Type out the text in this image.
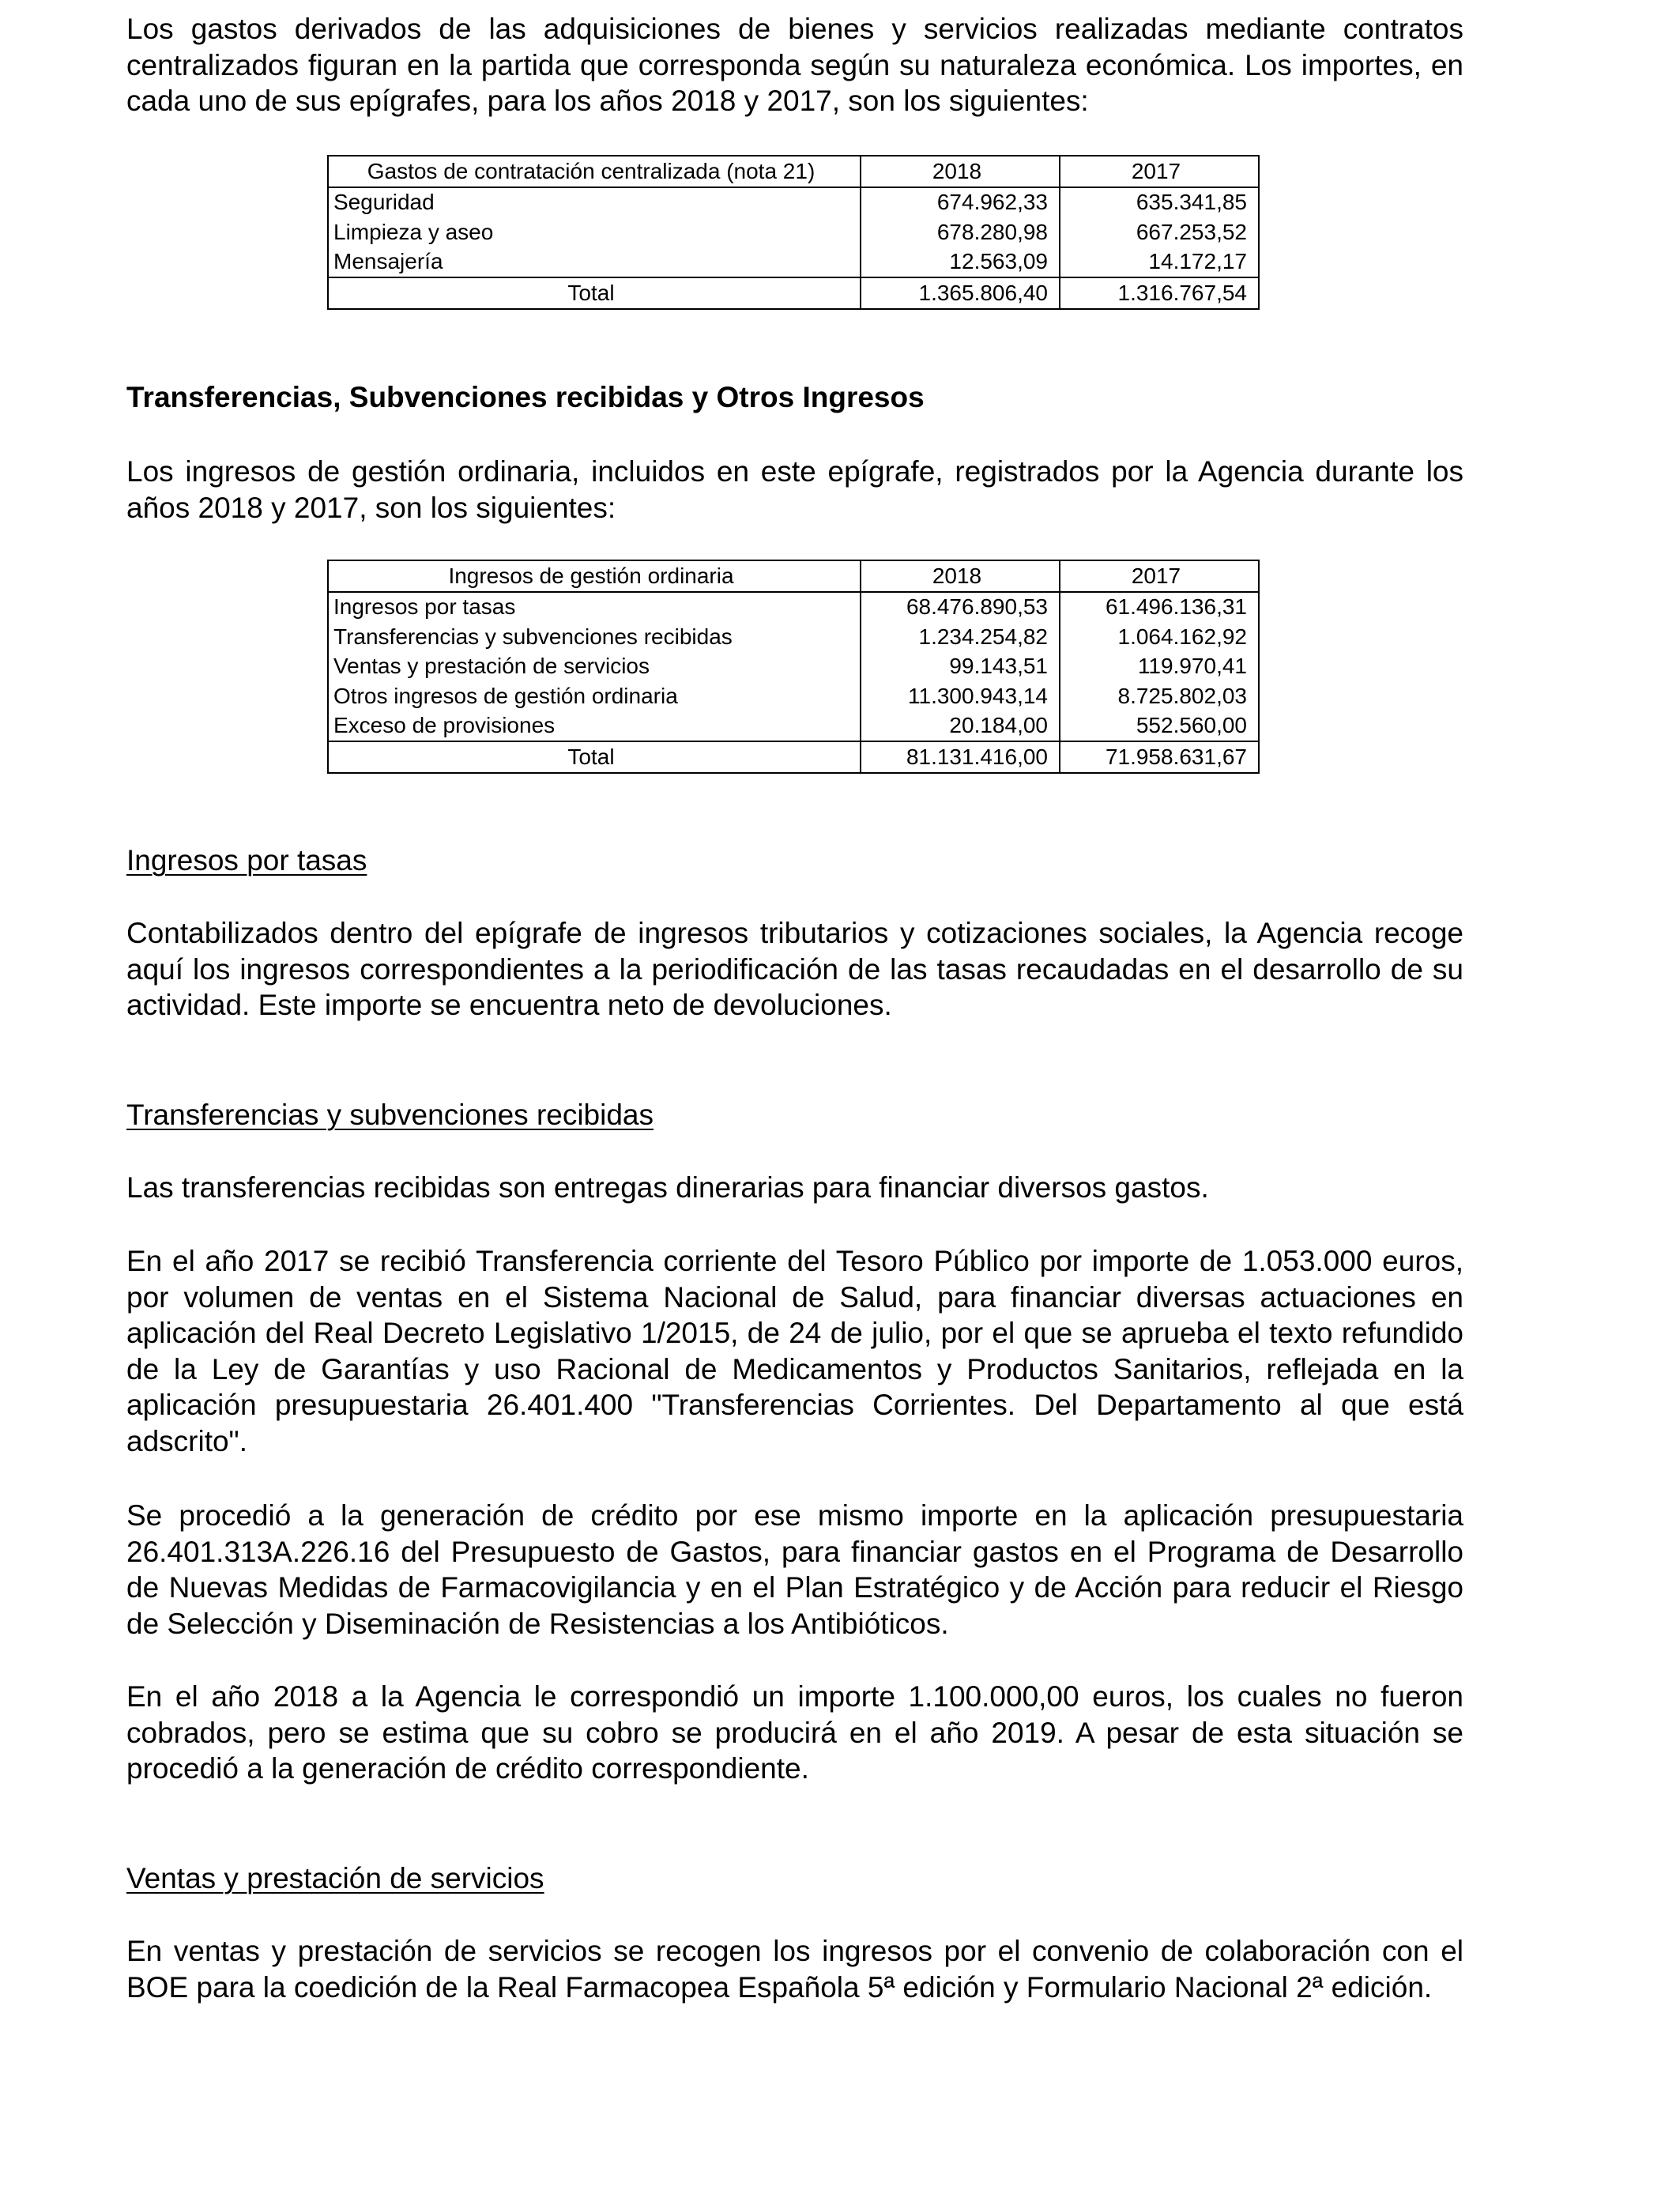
Los gastos derivados de las adquisiciones de bienes y servicios realizadas mediante contratos centralizados figuran en la partida que corresponda según su naturaleza económica. Los importes, en cada uno de sus epígrafes, para los años 2018 y 2017, son los siguientes:

Gastos de contratación centralizada (nota 21)	2018	2017
Seguridad	674.962,33	635.341,85
Limpieza y aseo	678.280,98	667.253,52
Mensajería	12.563,09	14.172,17
Total	1.365.806,40	1.316.767,54

Transferencias, Subvenciones recibidas y Otros Ingresos

Los ingresos de gestión ordinaria, incluidos en este epígrafe, registrados por la Agencia durante los años 2018 y 2017, son los siguientes:

Ingresos de gestión ordinaria	2018	2017
Ingresos por tasas	68.476.890,53	61.496.136,31
Transferencias y subvenciones recibidas	1.234.254,82	1.064.162,92
Ventas y prestación de servicios	99.143,51	119.970,41
Otros ingresos de gestión ordinaria	11.300.943,14	8.725.802,03
Exceso de provisiones	20.184,00	552.560,00
Total	81.131.416,00	71.958.631,67

Ingresos por tasas

Contabilizados dentro del epígrafe de ingresos tributarios y cotizaciones sociales, la Agencia recoge aquí los ingresos correspondientes a la periodificación de las tasas recaudadas en el desarrollo de su actividad. Este importe se encuentra neto de devoluciones.

Transferencias y subvenciones recibidas

Las transferencias recibidas son entregas dinerarias para financiar diversos gastos.

En el año 2017 se recibió Transferencia corriente del Tesoro Público por importe de 1.053.000 euros, por volumen de ventas en el Sistema Nacional de Salud, para financiar diversas actuaciones en aplicación del Real Decreto Legislativo 1/2015, de 24 de julio, por el que se aprueba el texto refundido de la Ley de Garantías y uso Racional de Medicamentos y Productos Sanitarios, reflejada en la aplicación presupuestaria 26.401.400 "Transferencias Corrientes. Del Departamento al que está adscrito".

Se procedió a la generación de crédito por ese mismo importe en la aplicación presupuestaria 26.401.313A.226.16 del Presupuesto de Gastos, para financiar gastos en el Programa de Desarrollo de Nuevas Medidas de Farmacovigilancia y en el Plan Estratégico y de Acción para reducir el Riesgo de Selección y Diseminación de Resistencias a los Antibióticos.

En el año 2018 a la Agencia le correspondió un importe 1.100.000,00 euros, los cuales no fueron cobrados, pero se estima que su cobro se producirá en el año 2019. A pesar de esta situación se procedió a la generación de crédito correspondiente.

Ventas y prestación de servicios

En ventas y prestación de servicios se recogen los ingresos por el convenio de colaboración con el BOE para la coedición de la Real Farmacopea Española 5ª edición y Formulario Nacional 2ª edición.
